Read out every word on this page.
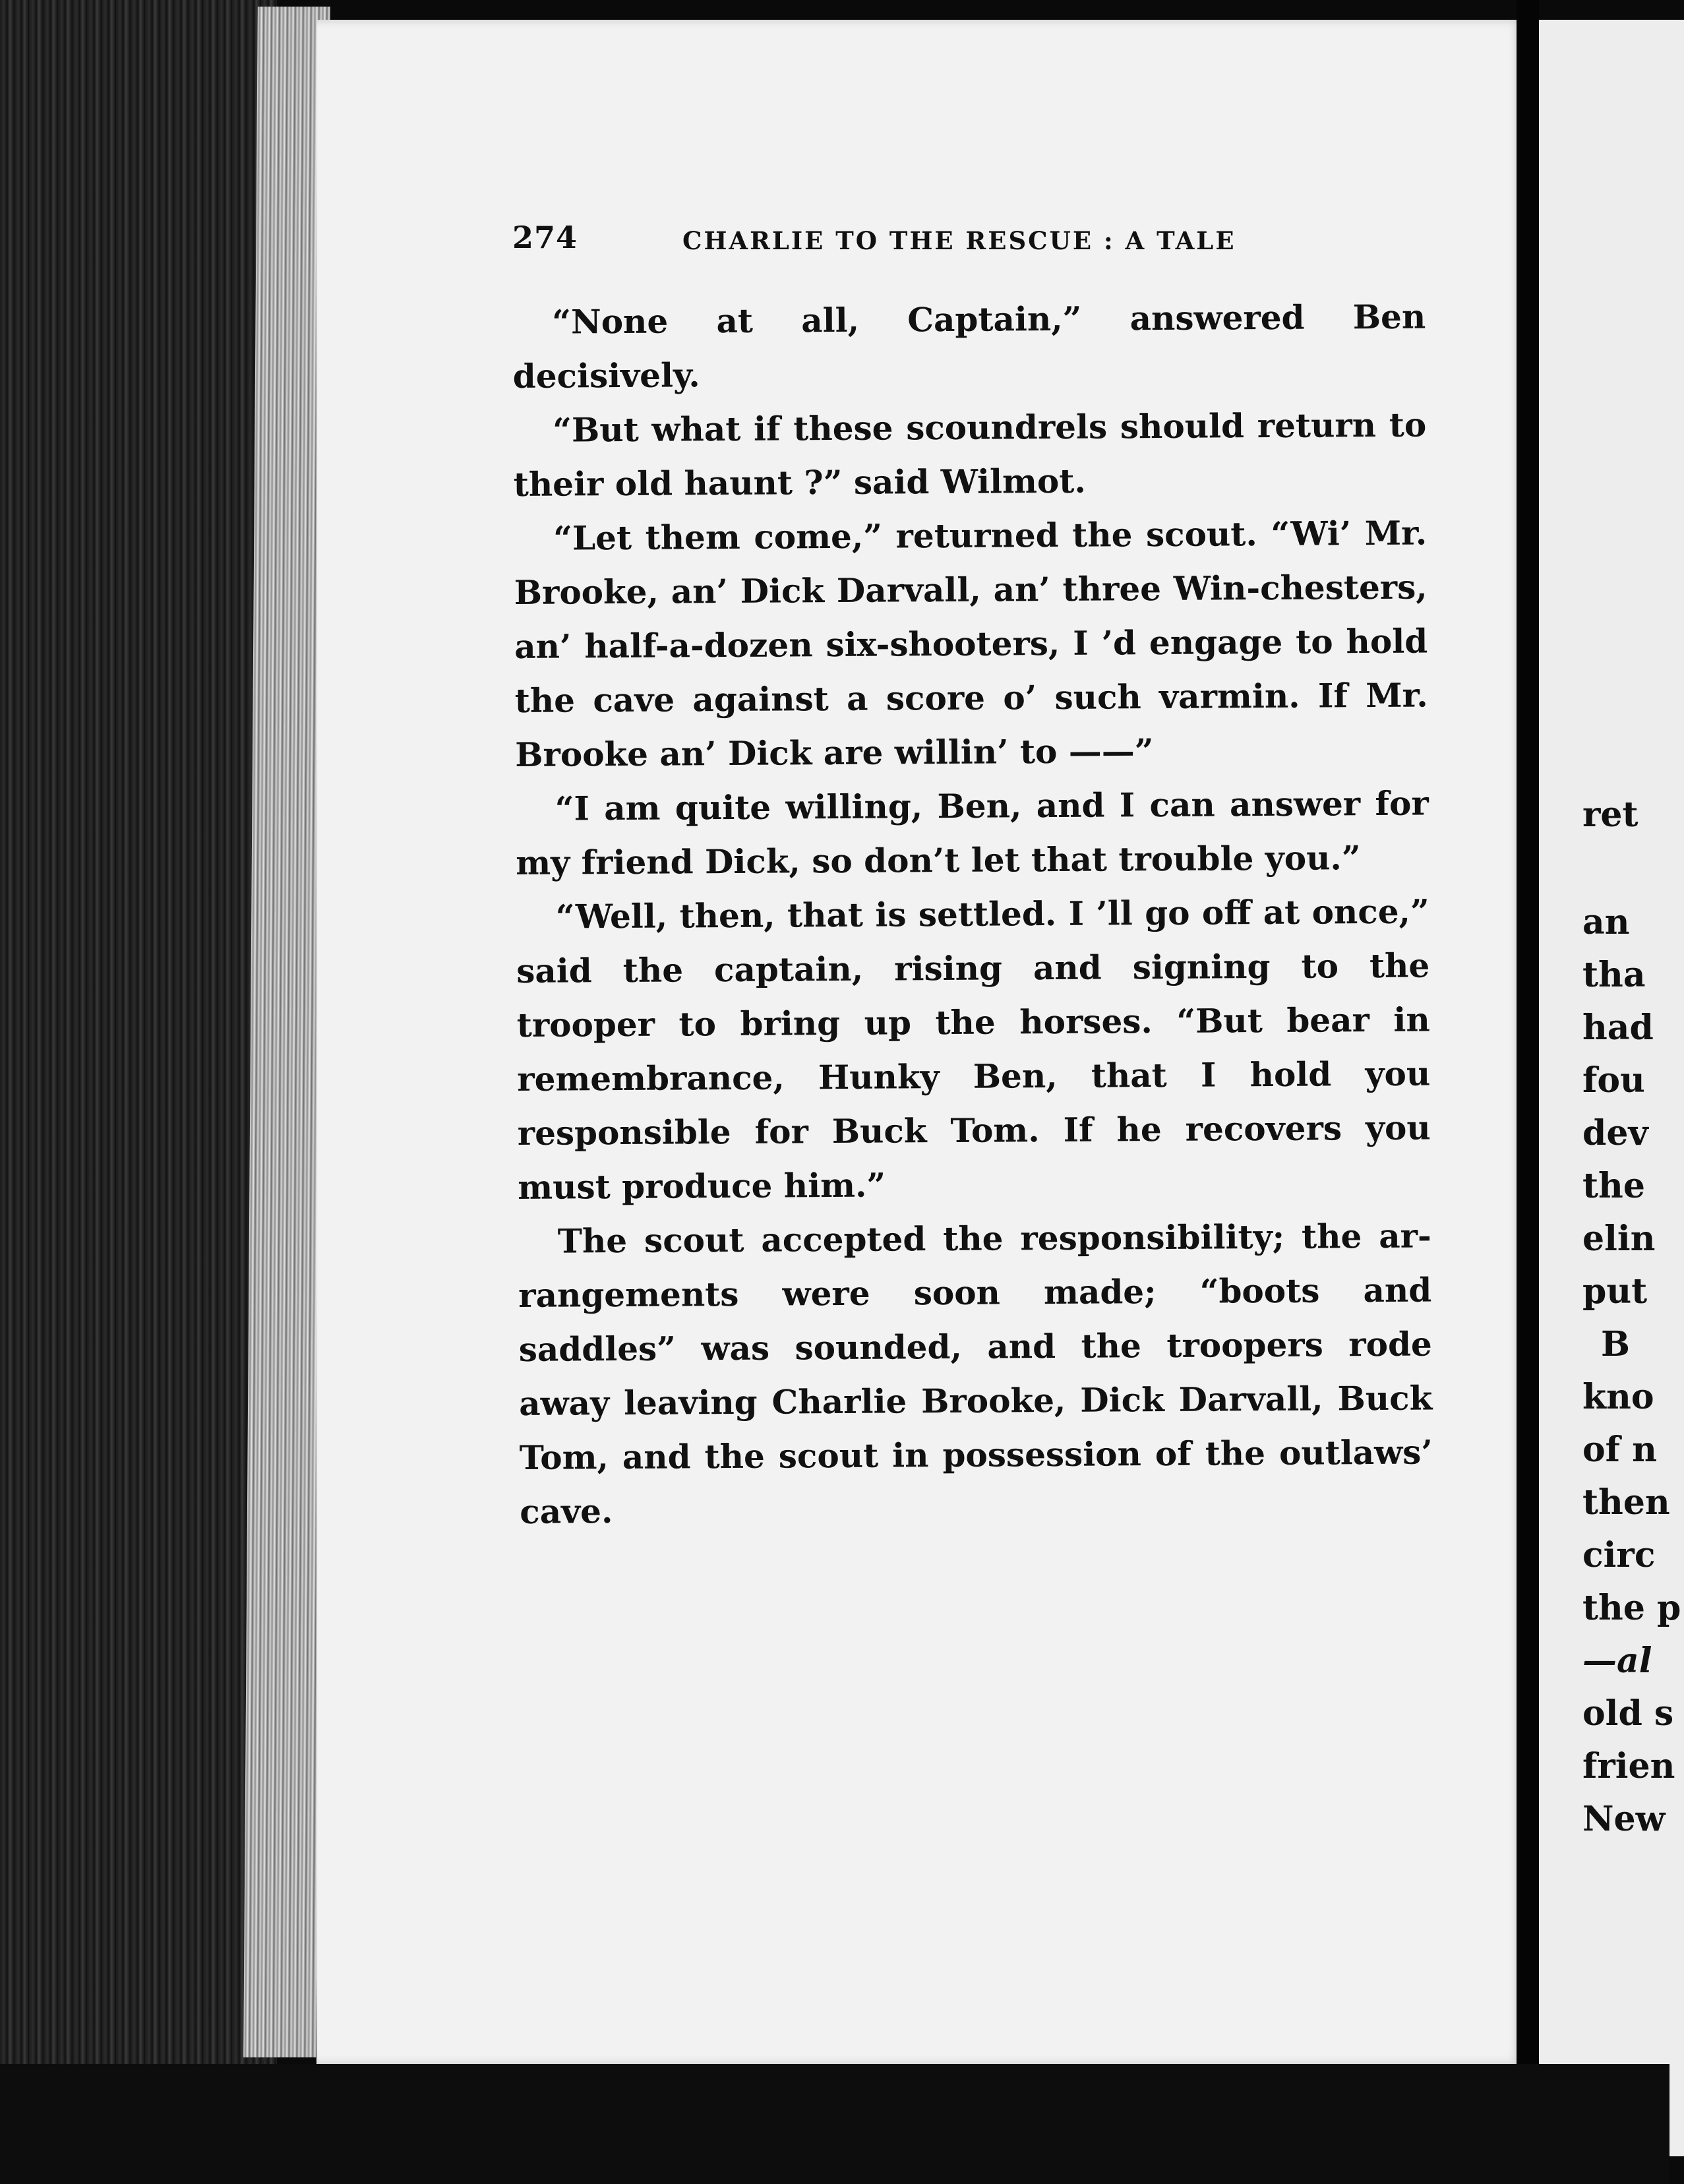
274	CHARLIE TO THE RESCUE : A TALE

“None at all, Captain,” answered Ben decisively.

“But what if these scoundrels should return to their old haunt ?” said Wilmot.

“Let them come,” returned the scout. “Wi’ Mr. Brooke, an’ Dick Darvall, an’ three Win-chesters, an’ half-a-dozen six-shooters, I ’d engage to hold the cave against a score o’ such varmin. If Mr. Brooke an’ Dick are willin’ to ——”

“I am quite willing, Ben, and I can answer for my friend Dick, so don’t let that trouble you.”

“Well, then, that is settled. I ’ll go off at once,” said the captain, rising and signing to the trooper to bring up the horses. “But bear in remembrance, Hunky Ben, that I hold you responsible for Buck Tom. If he recovers you must produce him.”

The scout accepted the responsibility; the ar-rangements were soon made; “boots and saddles” was sounded, and the troopers rode away leaving Charlie Brooke, Dick Darvall, Buck Tom, and the scout in possession of the outlaws’ cave.

ret
an
tha
had
fou
dev
the
elin
put
B
kno
of n
then
circ
the p
—al
old s
frien
New
